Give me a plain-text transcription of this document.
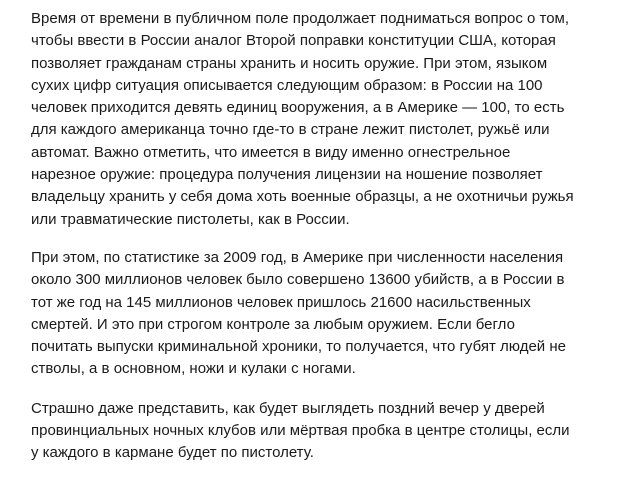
Время от времени в публичном поле продолжает подниматься вопрос о том,
чтобы ввести в России аналог Второй поправки конституции США, которая
позволяет гражданам страны хранить и носить оружие. При этом, языком
сухих цифр ситуация описывается следующим образом: в России на 100
человек приходится девять единиц вооружения, а в Америке — 100, то есть
для каждого американца точно где-то в стране лежит пистолет, ружьё или
автомат. Важно отметить, что имеется в виду именно огнестрельное
нарезное оружие: процедура получения лицензии на ношение позволяет
владельцу хранить у себя дома хоть военные образцы, а не охотничьи ружья
или травматические пистолеты, как в России.

При этом, по статистике за 2009 год, в Америке при численности населения
около 300 миллионов человек было совершено 13600 убийств, а в России в
тот же год на 145 миллионов человек пришлось 21600 насильственных
смертей. И это при строгом контроле за любым оружием. Если бегло
почитать выпуски криминальной хроники, то получается, что губят людей не
стволы, а в основном, ножи и кулаки с ногами.

Страшно даже представить, как будет выглядеть поздний вечер у дверей
провинциальных ночных клубов или мёртвая пробка в центре столицы, если
у каждого в кармане будет по пистолету.
